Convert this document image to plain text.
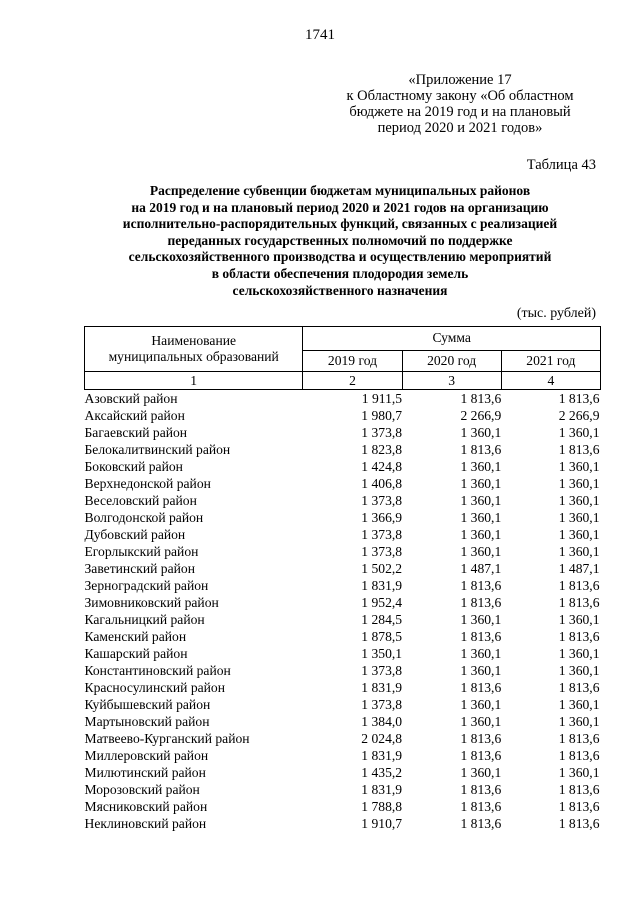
1741
«Приложение 17
к Областному закону «Об областном
бюджете на 2019 год и на плановый
период 2020 и 2021 годов»
Таблица 43
Распределение субвенции бюджетам муниципальных районов
на 2019 год и на плановый период 2020 и 2021 годов на организацию
исполнительно-распорядительных функций, связанных с реализацией
переданных государственных полномочий по поддержке
сельскохозяйственного производства и осуществлению мероприятий
в области обеспечения плодородия земель
сельскохозяйственного назначения
(тыс. рублей)
Наименование
муниципальных образований	Сумма		
	2019 год	2020 год	2021 год
1	2	3	4
Азовский район	1 911,5	1 813,6	1 813,6
Аксайский район	1 980,7	2 266,9	2 266,9
Багаевский район	1 373,8	1 360,1	1 360,1
Белокалитвинский район	1 823,8	1 813,6	1 813,6
Боковский район	1 424,8	1 360,1	1 360,1
Верхнедонской район	1 406,8	1 360,1	1 360,1
Веселовский район	1 373,8	1 360,1	1 360,1
Волгодонской район	1 366,9	1 360,1	1 360,1
Дубовский район	1 373,8	1 360,1	1 360,1
Егорлыкский район	1 373,8	1 360,1	1 360,1
Заветинский район	1 502,2	1 487,1	1 487,1
Зерноградский район	1 831,9	1 813,6	1 813,6
Зимовниковский район	1 952,4	1 813,6	1 813,6
Кагальницкий район	1 284,5	1 360,1	1 360,1
Каменский район	1 878,5	1 813,6	1 813,6
Кашарский район	1 350,1	1 360,1	1 360,1
Константиновский район	1 373,8	1 360,1	1 360,1
Красносулинский район	1 831,9	1 813,6	1 813,6
Куйбышевский район	1 373,8	1 360,1	1 360,1
Мартыновский район	1 384,0	1 360,1	1 360,1
Матвеево-Курганский район	2 024,8	1 813,6	1 813,6
Миллеровский район	1 831,9	1 813,6	1 813,6
Милютинский район	1 435,2	1 360,1	1 360,1
Морозовский район	1 831,9	1 813,6	1 813,6
Мясниковский район	1 788,8	1 813,6	1 813,6
Неклиновский район	1 910,7	1 813,6	1 813,6
